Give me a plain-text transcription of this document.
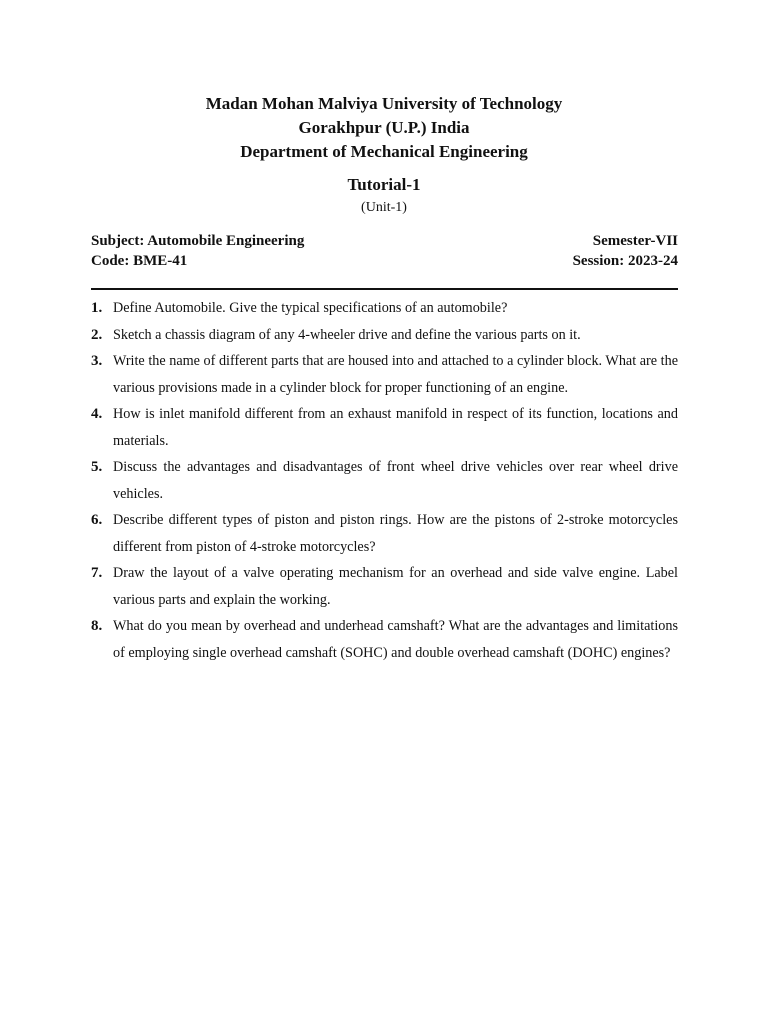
Madan Mohan Malviya University of Technology

Gorakhpur (U.P.) India

Department of Mechanical Engineering

Tutorial-1
(Unit-1)
Subject: Automobile Engineering	Semester-VII
Code: BME-41	Session: 2023-24
1. Define Automobile. Give the typical specifications of an automobile?
2. Sketch a chassis diagram of any 4-wheeler drive and define the various parts on it.
3. Write the name of different parts that are housed into and attached to a cylinder block. What are the various provisions made in a cylinder block for proper functioning of an engine.
4. How is inlet manifold different from an exhaust manifold in respect of its function, locations and materials.
5. Discuss the advantages and disadvantages of front wheel drive vehicles over rear wheel drive vehicles.
6. Describe different types of piston and piston rings. How are the pistons of 2-stroke motorcycles different from piston of 4-stroke motorcycles?
7. Draw the layout of a valve operating mechanism for an overhead and side valve engine. Label various parts and explain the working.
8. What do you mean by overhead and underhead camshaft? What are the advantages and limitations of employing single overhead camshaft (SOHC) and double overhead camshaft (DOHC) engines?
